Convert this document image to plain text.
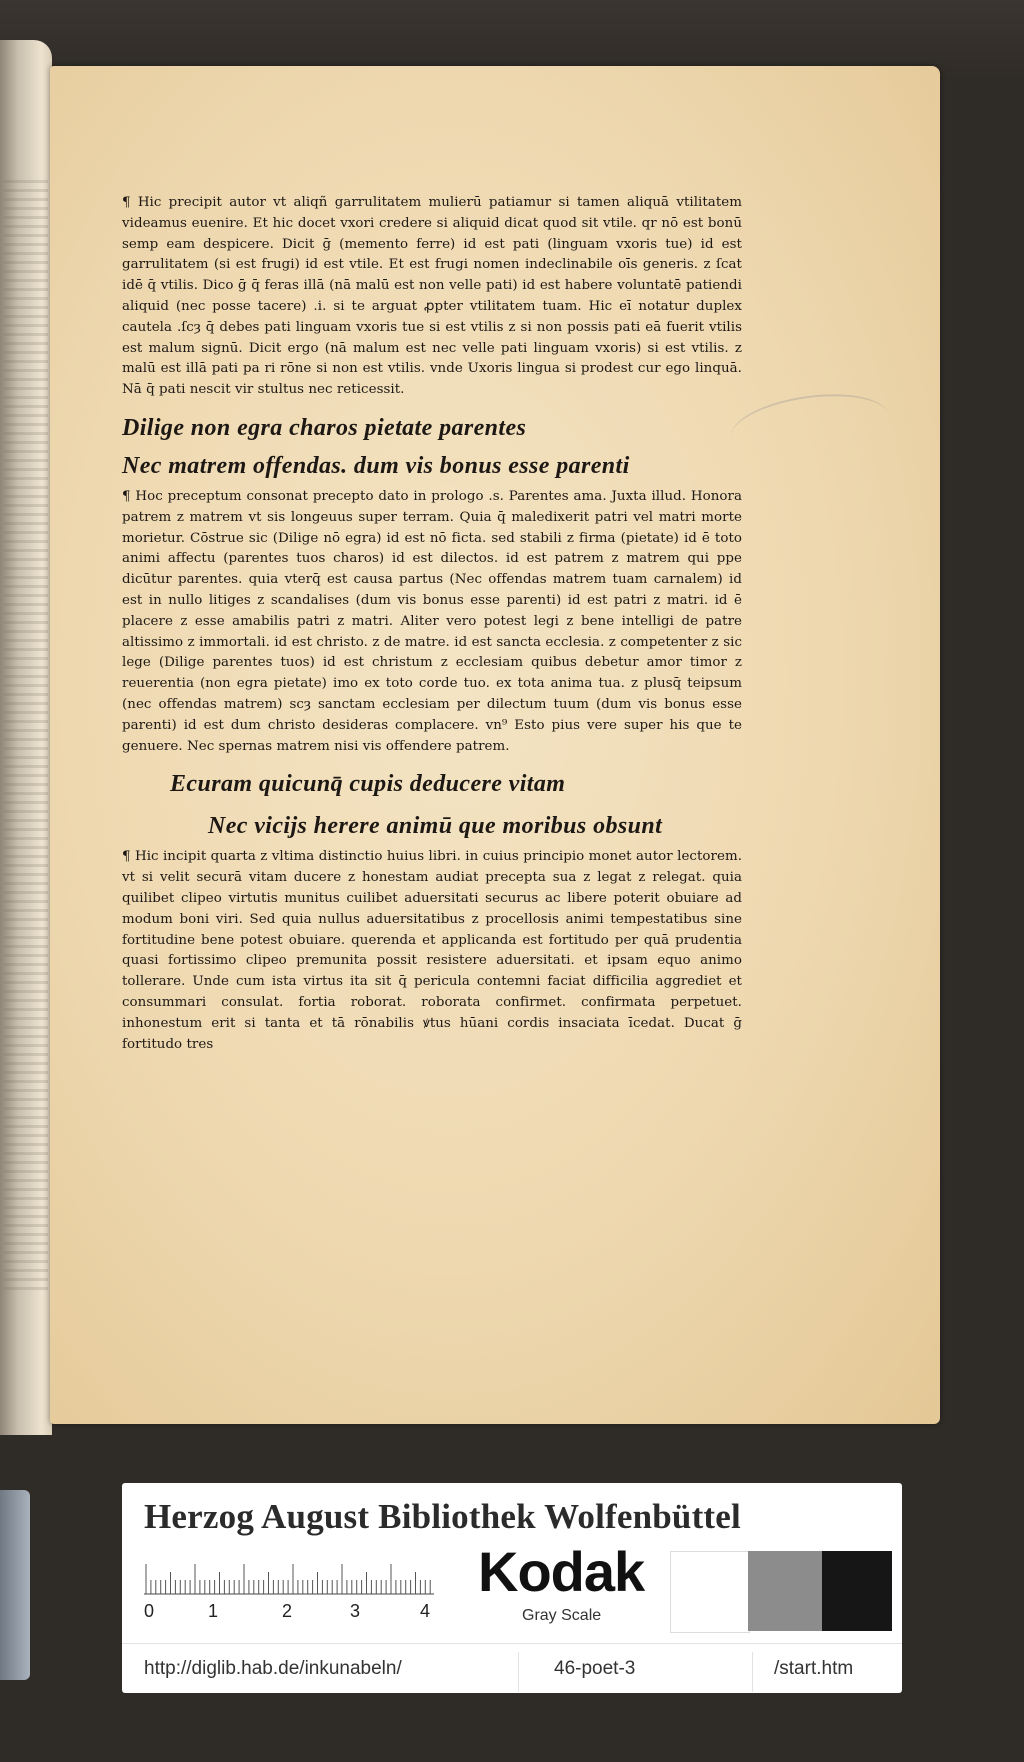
¶ Hic precipit autor vt aliqñ garrulitatem mulierū patiamur si tamen aliquā vtilitatem videamus euenire. Et hic docet vxori credere si aliquid dicat quod sit vtile. qr nō est bonū semp eam despicere. Dicit ḡ (memento ferre) id est pati (linguam vxoris tue) id est garrulitatem (si est frugi) id est vtile. Et est frugi nomen indeclinabile oīs generis. z ſcat idē q̄ vtilis. Dico ḡ q̄ feras illā (nā malū est non velle pati) id est habere voluntatē patiendi aliquid (nec posse tacere) .i. si te arguat ꝓpter vtilitatem tuam. Hic eī notatur duplex cautela .ſcȝ q̄ debes pati linguam vxoris tue si est vtilis z si non possis pati eā fuerit vtilis est malum signū. Dicit ergo (nā malum est nec velle pati linguam vxoris) si est vtilis. z malū est illā pati pa ri rōne si non est vtilis. vnde Uxoris lingua si prodest cur ego linquā. Nā q̄ pati nescit vir stultus nec reticessit.
Dilige non egra charos pietate parentes
Nec matrem offendas. dum vis bonus esse parenti
¶ Hoc preceptum consonat precepto dato in prologo .s. Parentes ama. Juxta illud. Honora patrem z matrem vt sis longeuus super terram. Quia q̄ maledixerit patri vel matri morte morietur. Cōstrue sic (Dilige nō egra) id est nō ficta. sed stabili z firma (pietate) id ē toto animi affectu (parentes tuos charos) id est dilectos. id est patrem z matrem qui ppe dicūtur parentes. quia vterq̄ est causa partus (Nec offendas matrem tuam carnalem) id est in nullo litiges z scandalises (dum vis bonus esse parenti) id est patri z matri. id ē placere z esse amabilis patri z matri. Aliter vero potest legi z bene intelligi de patre altissimo z immortali. id est christo. z de matre. id est sancta ecclesia. z competenter z sic lege (Dilige parentes tuos) id est christum z ecclesiam quibus debetur amor timor z reuerentia (non egra pietate) imo ex toto corde tuo. ex tota anima tua. z plusq̄ teipsum (nec offendas matrem) scȝ sanctam ecclesiam per dilectum tuum (dum vis bonus esse parenti) id est dum christo desideras complacere. vn⁹ Esto pius vere super his que te genuere. Nec spernas matrem nisi vis offendere patrem.
Ecuram quicunq̄ cupis deducere vitam
Nec vicijs herere animū que moribus obsunt
¶ Hic incipit quarta z vltima distinctio huius libri. in cuius principio monet autor lectorem. vt si velit securā vitam ducere z honestam audiat precepta sua z legat z relegat. quia quilibet clipeo virtutis munitus cuilibet aduersitati securus ac libere poterit obuiare ad modum boni viri. Sed quia nullus aduersitatibus z procellosis animi tempestatibus sine fortitudine bene potest obuiare. querenda et applicanda est fortitudo per quā prudentia quasi fortissimo clipeo premunita possit resistere aduersitati. et ipsam equo animo tollerare. Unde cum ista virtus ita sit q̄ pericula contemni faciat difficilia aggrediet et consummari consulat. fortia roborat. roborata confirmet. confirmata perpetuet. inhonestum erit si tanta et tā rōnabilis ꝟtus hūani cordis insaciata īcedat. Ducat ḡ fortitudo tres
Herzog August Bibliothek Wolfenbüttel
0	1	2	3	4
Kodak
Gray Scale
http://diglib.hab.de/inkunabeln/	46-poet-3	/start.htm
